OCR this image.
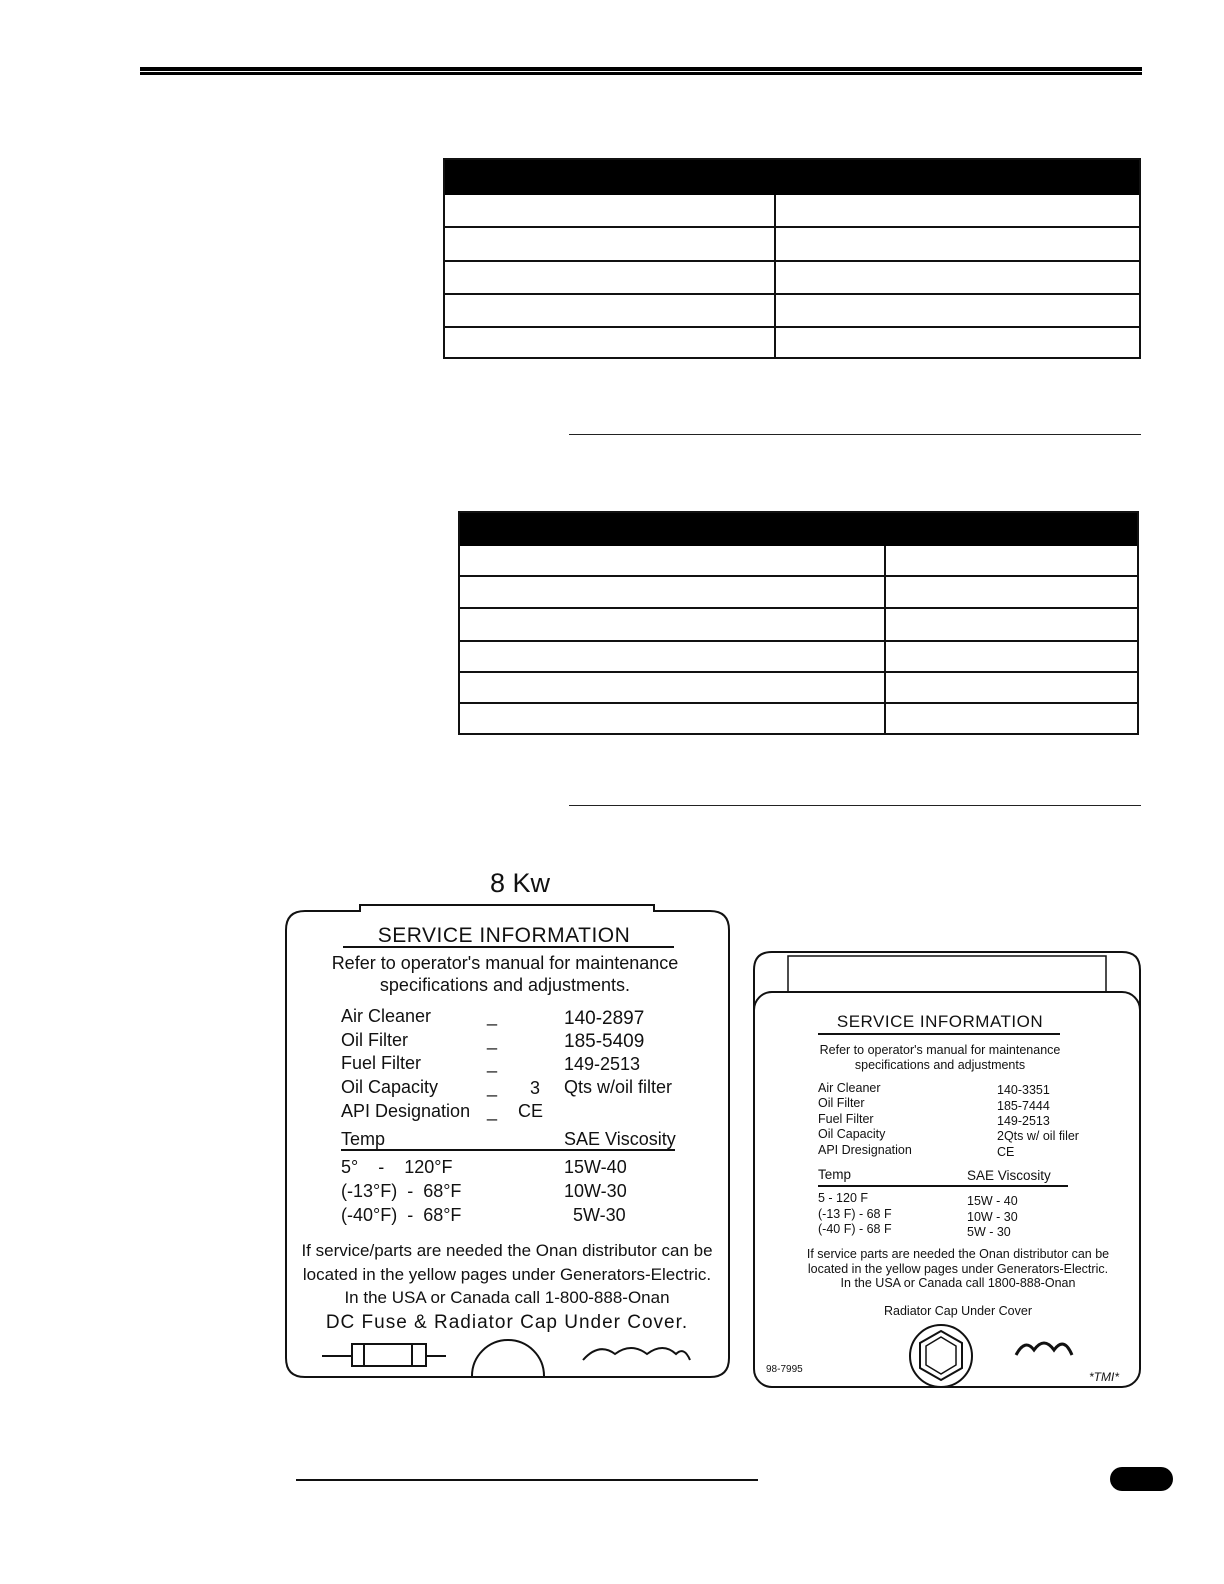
8 Kw
SERVICE INFORMATION
Refer to operator's manual for maintenance
specifications and adjustments.
Air Cleaner	_	140-2897
Oil Filter	_	185-5409
Fuel Filter	_	149-2513
Oil Capacity	_ 3 Qts w/oil filter
API Designation _ CE
Temp	SAE Viscosity
5°    -    120°F	15W-40
(-13°F)  -  68°F	10W-30
(-40°F)  -  68°F	5W-30
If service/parts are needed the Onan distributor can be
located in the yellow pages under Generators-Electric.
In the USA or Canada call 1-800-888-Onan
DC Fuse & Radiator Cap Under Cover.
SERVICE INFORMATION
Refer to operator's manual for maintenance
specifications and adjustments
Air Cleaner	140-3351
Oil Filter	185-7444
Fuel Filter	149-2513
Oil Capacity	2Qts w/ oil filer
API Dresignation	CE
Temp	SAE Viscosity
5 - 120 F	15W - 40
(-13 F) - 68 F	10W - 30
(-40 F) - 68 F	5W - 30
If service parts are needed the Onan distributor can be
located in the yellow pages under Generators-Electric.
In the USA or Canada call 1800-888-Onan
Radiator Cap Under Cover
98-7995
*TMI*
